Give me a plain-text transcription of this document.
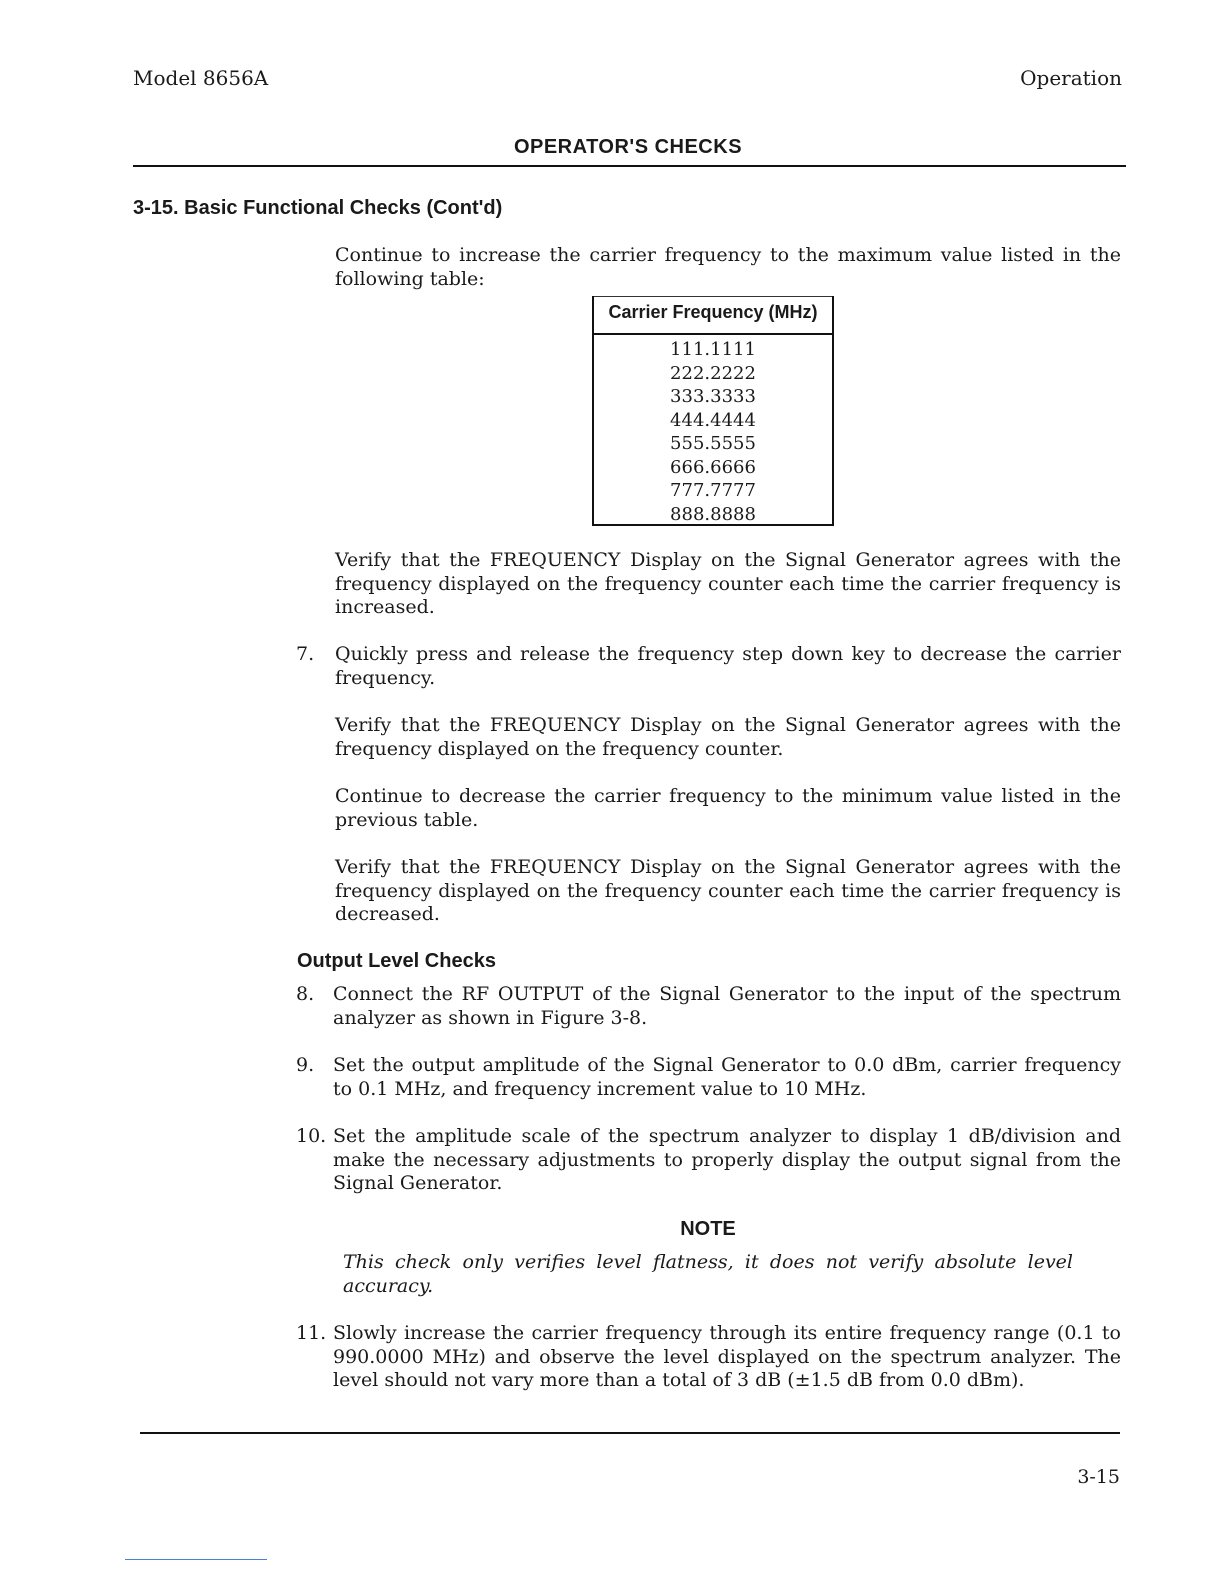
Model 8656A	Operation
OPERATOR'S CHECKS
3-15. Basic Functional Checks (Cont'd)
Continue to increase the carrier frequency to the maximum value listed in the following table:
Carrier Frequency (MHz)
111.1111
222.2222
333.3333
444.4444
555.5555
666.6666
777.7777
888.8888
Verify that the FREQUENCY Display on the Signal Generator agrees with the frequency displayed on the frequency counter each time the carrier frequency is increased.
7. Quickly press and release the frequency step down key to decrease the carrier frequency.
Verify that the FREQUENCY Display on the Signal Generator agrees with the frequency displayed on the frequency counter.
Continue to decrease the carrier frequency to the minimum value listed in the previous table.
Verify that the FREQUENCY Display on the Signal Generator agrees with the frequency displayed on the frequency counter each time the carrier frequency is decreased.
Output Level Checks
8. Connect the RF OUTPUT of the Signal Generator to the input of the spectrum analyzer as shown in Figure 3-8.
9. Set the output amplitude of the Signal Generator to 0.0 dBm, carrier frequency to 0.1 MHz, and frequency increment value to 10 MHz.
10. Set the amplitude scale of the spectrum analyzer to display 1 dB/division and make the necessary adjustments to properly display the output signal from the Signal Generator.
NOTE
This check only verifies level flatness, it does not verify absolute level accuracy.
11. Slowly increase the carrier frequency through its entire frequency range (0.1 to 990.0000 MHz) and observe the level displayed on the spectrum analyzer. The level should not vary more than a total of 3 dB (±1.5 dB from 0.0 dBm).
3-15
